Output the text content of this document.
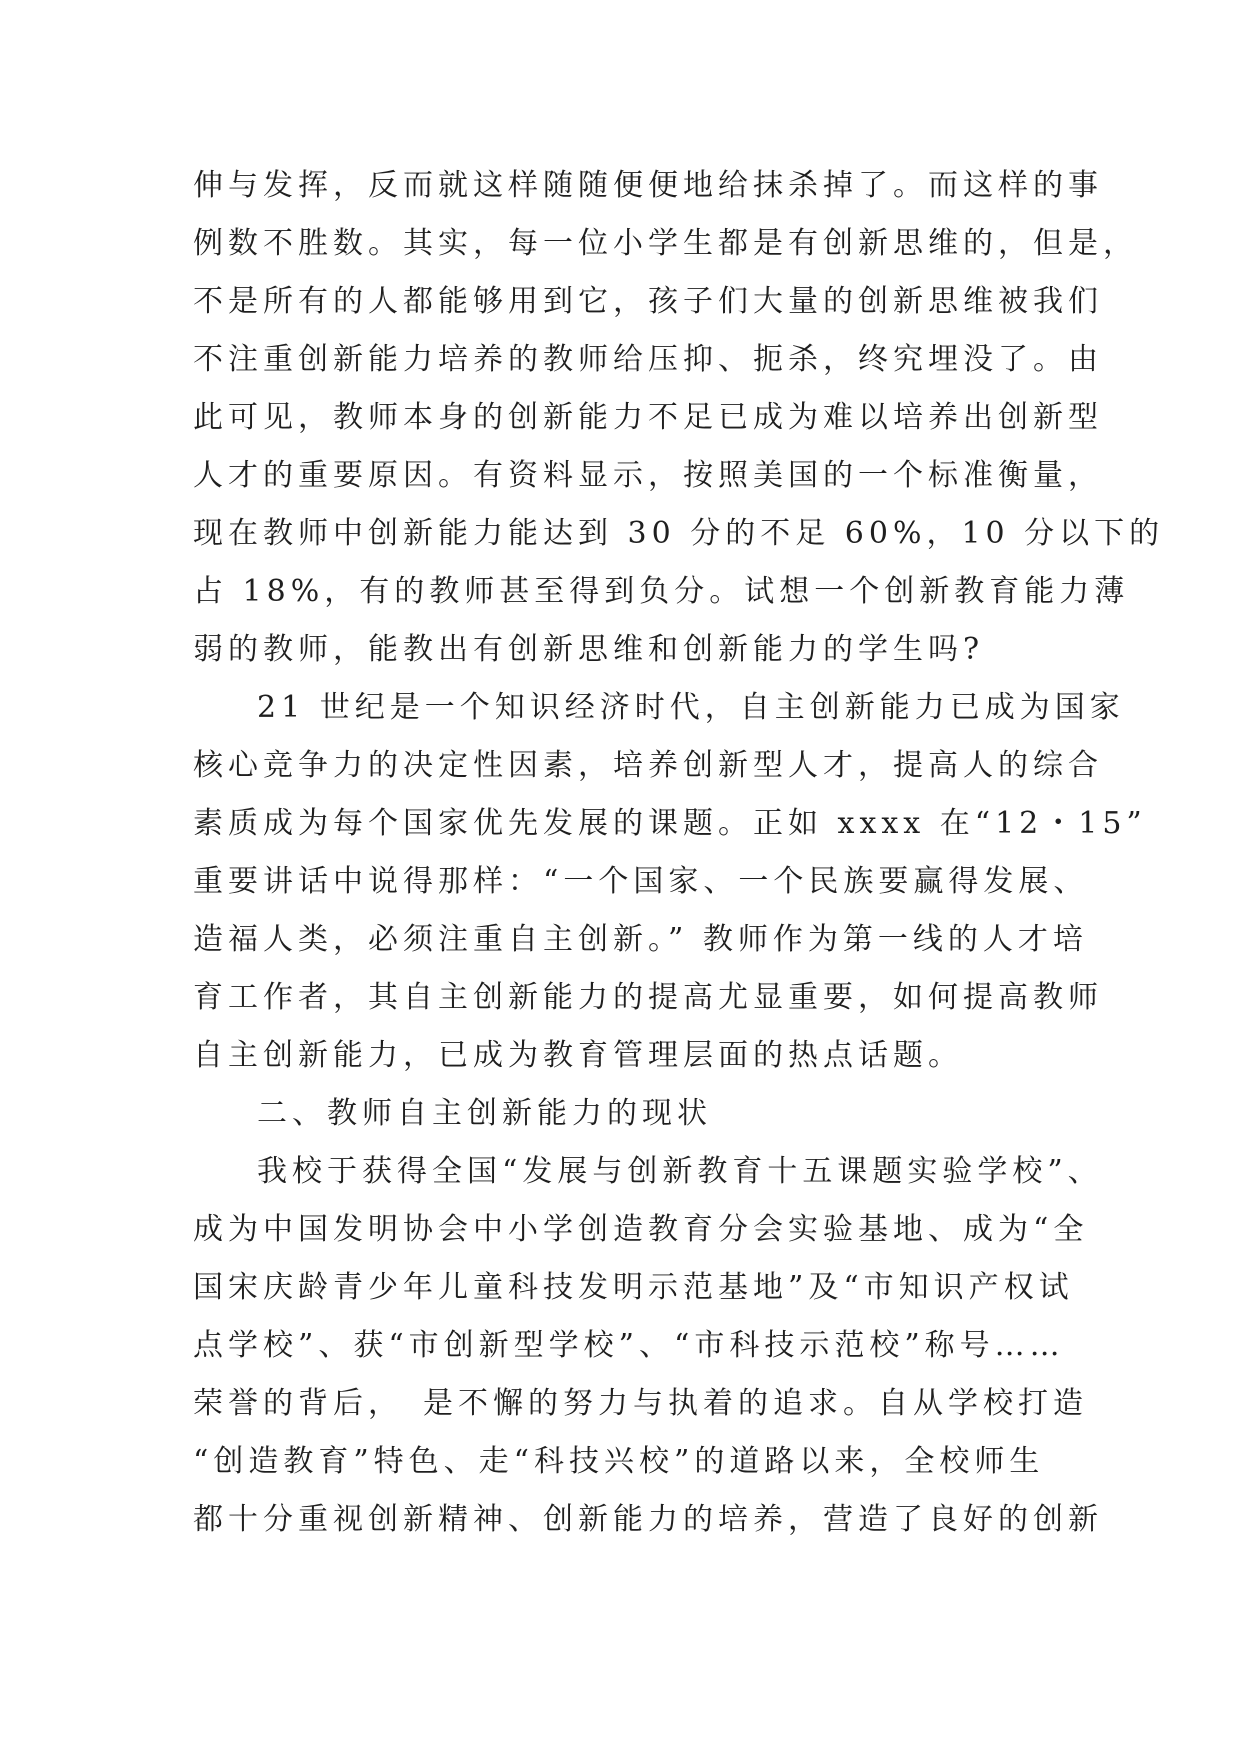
伸与发挥，反而就这样随随便便地给抹杀掉了。而这样的事
例数不胜数。其实，每一位小学生都是有创新思维的，但是，
不是所有的人都能够用到它，孩子们大量的创新思维被我们
不注重创新能力培养的教师给压抑、扼杀，终究埋没了。由
此可见，教师本身的创新能力不足已成为难以培养出创新型
人才的重要原因。有资料显示，按照美国的一个标准衡量，
现在教师中创新能力能达到 30 分的不足 60%，10 分以下的
占 18%，有的教师甚至得到负分。试想一个创新教育能力薄
弱的教师，能教出有创新思维和创新能力的学生吗?
21 世纪是一个知识经济时代，自主创新能力已成为国家
核心竞争力的决定性因素，培养创新型人才，提高人的综合
素质成为每个国家优先发展的课题。正如 xxxx 在“12・15”
重要讲话中说得那样：“一个国家、一个民族要赢得发展、
造福人类，必须注重自主创新。” 教师作为第一线的人才培
育工作者，其自主创新能力的提高尤显重要，如何提高教师
自主创新能力，已成为教育管理层面的热点话题。
二、教师自主创新能力的现状
我校于获得全国“发展与创新教育十五课题实验学校”、
成为中国发明协会中小学创造教育分会实验基地、成为“全
国宋庆龄青少年儿童科技发明示范基地”及“市知识产权试
点学校”、获“市创新型学校”、“市科技示范校”称号……
荣誉的背后，　是不懈的努力与执着的追求。自从学校打造
“创造教育”特色、走“科技兴校”的道路以来，全校师生
都十分重视创新精神、创新能力的培养，营造了良好的创新
